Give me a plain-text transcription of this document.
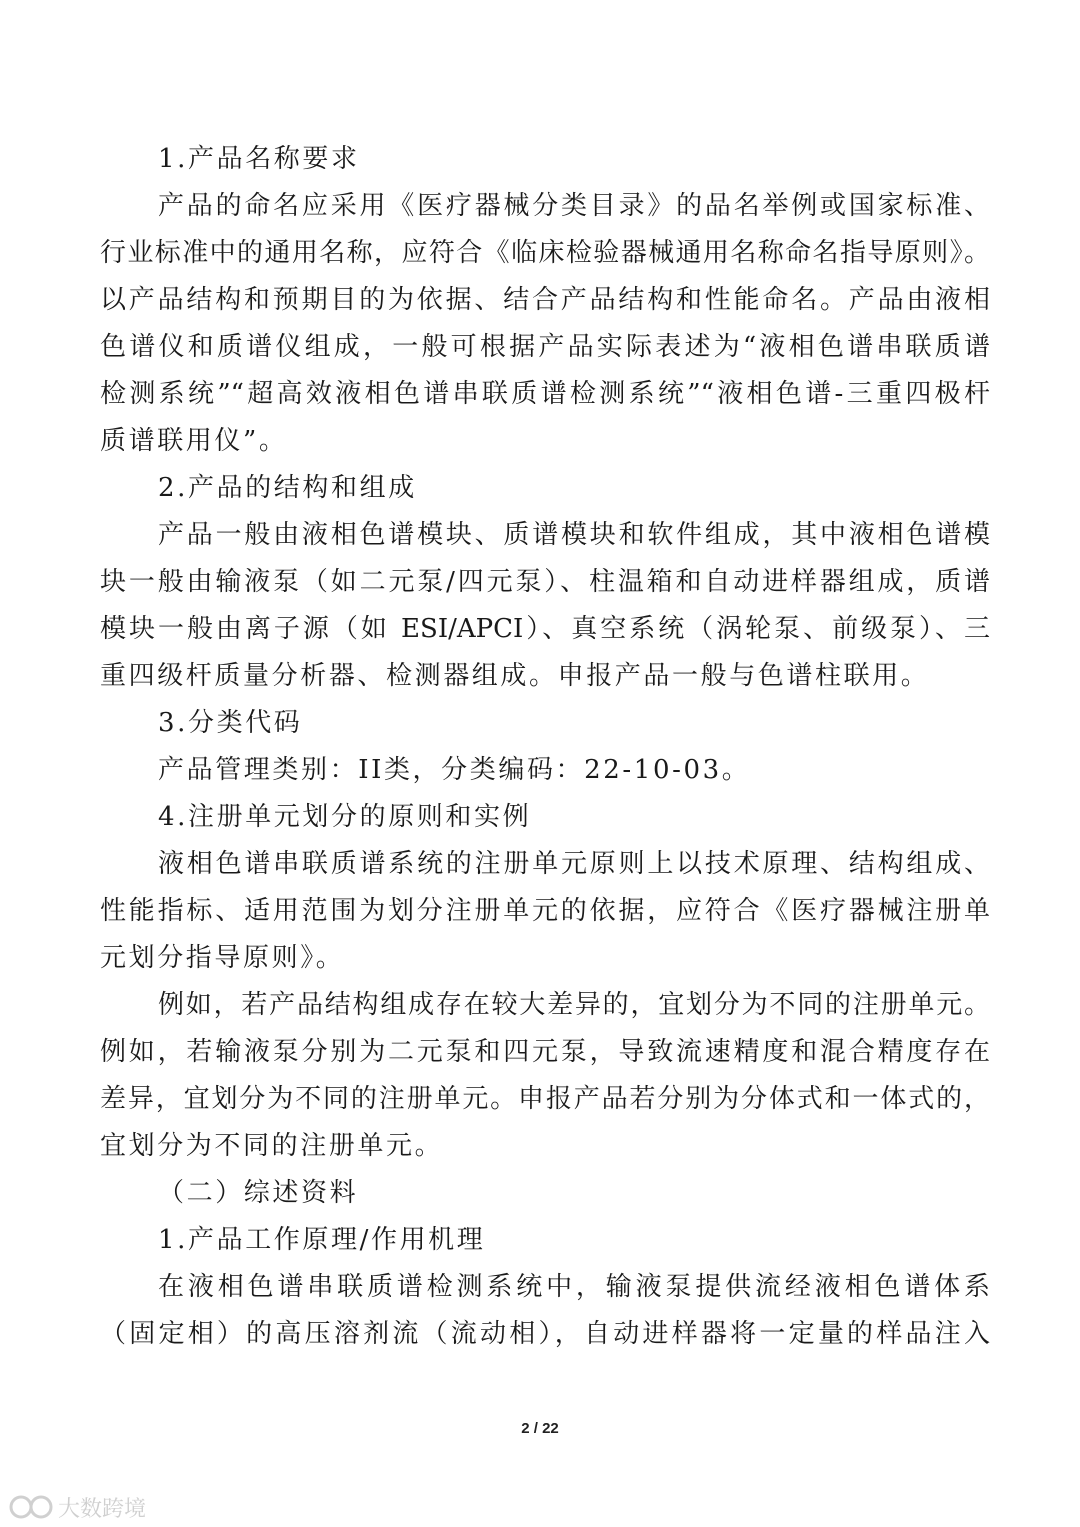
1.产品名称要求
产品的命名应采用《医疗器械分类目录》的品名举例或国家标准、
行业标准中的通用名称，应符合《临床检验器械通用名称命名指导原则》。
以产品结构和预期目的为依据、结合产品结构和性能命名。产品由液相
色谱仪和质谱仪组成，一般可根据产品实际表述为“液相色谱串联质谱
检测系统”“超高效液相色谱串联质谱检测系统”“液相色谱-三重四极杆
质谱联用仪”。
2.产品的结构和组成
产品一般由液相色谱模块、质谱模块和软件组成，其中液相色谱模
块一般由输液泵（如二元泵/四元泵）、柱温箱和自动进样器组成，质谱
模块一般由离子源（如 ESI/APCI）、真空系统（涡轮泵、前级泵）、三
重四级杆质量分析器、检测器组成。申报产品一般与色谱柱联用。
3.分类代码
产品管理类别：II类，分类编码：22-10-03。
4.注册单元划分的原则和实例
液相色谱串联质谱系统的注册单元原则上以技术原理、结构组成、
性能指标、适用范围为划分注册单元的依据，应符合《医疗器械注册单
元划分指导原则》。
例如，若产品结构组成存在较大差异的，宜划分为不同的注册单元。
例如，若输液泵分别为二元泵和四元泵，导致流速精度和混合精度存在
差异，宜划分为不同的注册单元。申报产品若分别为分体式和一体式的，
宜划分为不同的注册单元。
（二）综述资料
1.产品工作原理/作用机理
在液相色谱串联质谱检测系统中，输液泵提供流经液相色谱体系
（固定相）的高压溶剂流（流动相），自动进样器将一定量的样品注入
2 / 22
大数跨境
